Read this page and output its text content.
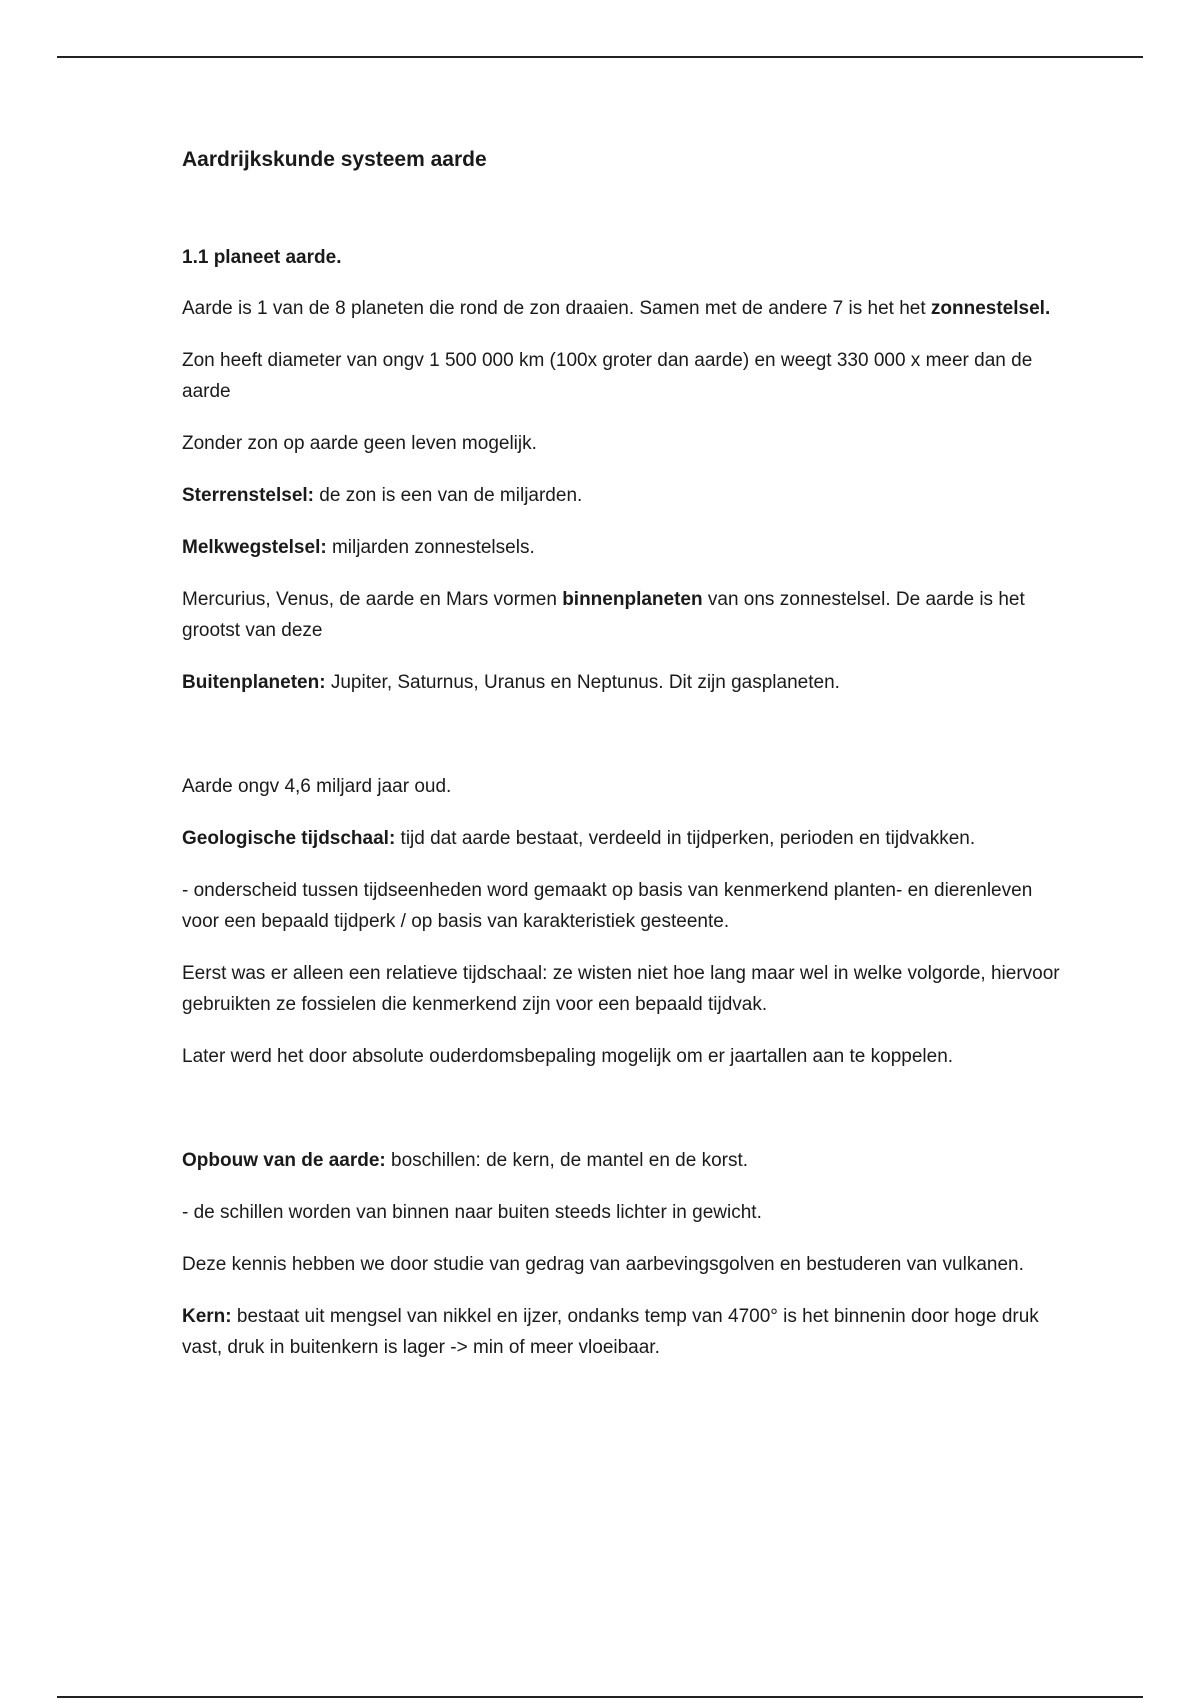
Aardrijkskunde systeem aarde
1.1 planeet aarde.

Aarde is 1 van de 8 planeten die rond de zon draaien. Samen met de andere 7 is het het zonnestelsel.

Zon heeft diameter van ongv 1 500 000 km (100x groter dan aarde) en weegt 330 000 x meer dan de aarde

Zonder zon op aarde geen leven mogelijk.

Sterrenstelsel: de zon is een van de miljarden.

Melkwegstelsel: miljarden zonnestelsels.

Mercurius, Venus, de aarde en Mars vormen binnenplaneten van ons zonnestelsel. De aarde is het grootst van deze

Buitenplaneten: Jupiter, Saturnus, Uranus en Neptunus. Dit zijn gasplaneten.

Aarde ongv 4,6 miljard jaar oud.

Geologische tijdschaal: tijd dat aarde bestaat, verdeeld in tijdperken, perioden en tijdvakken.

- onderscheid tussen tijdseenheden word gemaakt op basis van kenmerkend planten- en dierenleven voor een bepaald tijdperk / op basis van karakteristiek gesteente.

Eerst was er alleen een relatieve tijdschaal: ze wisten niet hoe lang maar wel in welke volgorde, hiervoor gebruikten ze fossielen die kenmerkend zijn voor een bepaald tijdvak.

Later werd het door absolute ouderdomsbepaling mogelijk om er jaartallen aan te koppelen.

Opbouw van de aarde: boschillen: de kern, de mantel en de korst.

- de schillen worden van binnen naar buiten steeds lichter in gewicht.

Deze kennis hebben we door studie van gedrag van aarbevingsgolven en bestuderen van vulkanen.

Kern: bestaat uit mengsel van nikkel en ijzer, ondanks temp van 4700° is het binnenin door hoge druk vast, druk in buitenkern is lager -> min of meer vloeibaar.
